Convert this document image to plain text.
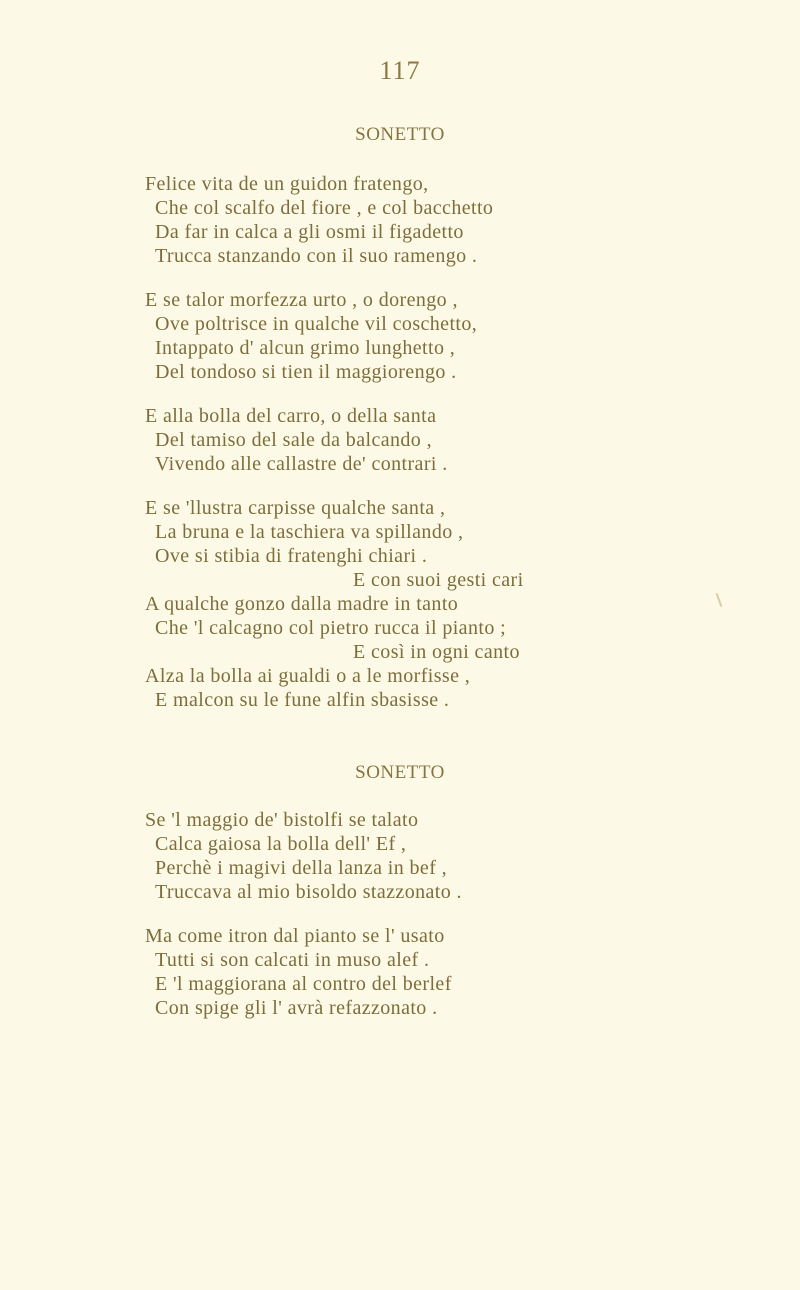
117
SONETTO
Felice vita de un guidon fratengo,
Che col scalfo del fiore , e col bacchetto
Da far in calca a gli osmi il figadetto
Trucca stanzando con il suo ramengo .
E se talor morfezza urto , o dorengo ,
Ove poltrisce in qualche vil coschetto,
Intappato d' alcun grimo lunghetto ,
Del tondoso si tien il maggiorengo .
E alla bolla del carro, o della santa
Del tamiso del sale da balcando ,
Vivendo alle callastre de' contrari .
E se 'llustra carpisse qualche santa ,
La bruna e la taschiera va spillando ,
Ove si stibia di fratenghi chiari .
E con suoi gesti cari
A qualche gonzo dalla madre in tanto
Che 'l calcagno col pietro rucca il pianto ;
E così in ogni canto
Alza la bolla ai gualdi o a le morfisse ,
E malcon su le fune alfin sbasisse .
SONETTO
Se 'l maggio de' bistolfi se talato
Calca gaiosa la bolla dell' Ef ,
Perchè i magivi della lanza in bef ,
Truccava al mio bisoldo stazzonato .
Ma come itron dal pianto se l' usato
Tutti si son calcati in muso alef .
E 'l maggiorana al contro del berlef
Con spige gli l' avrà refazzonato .
